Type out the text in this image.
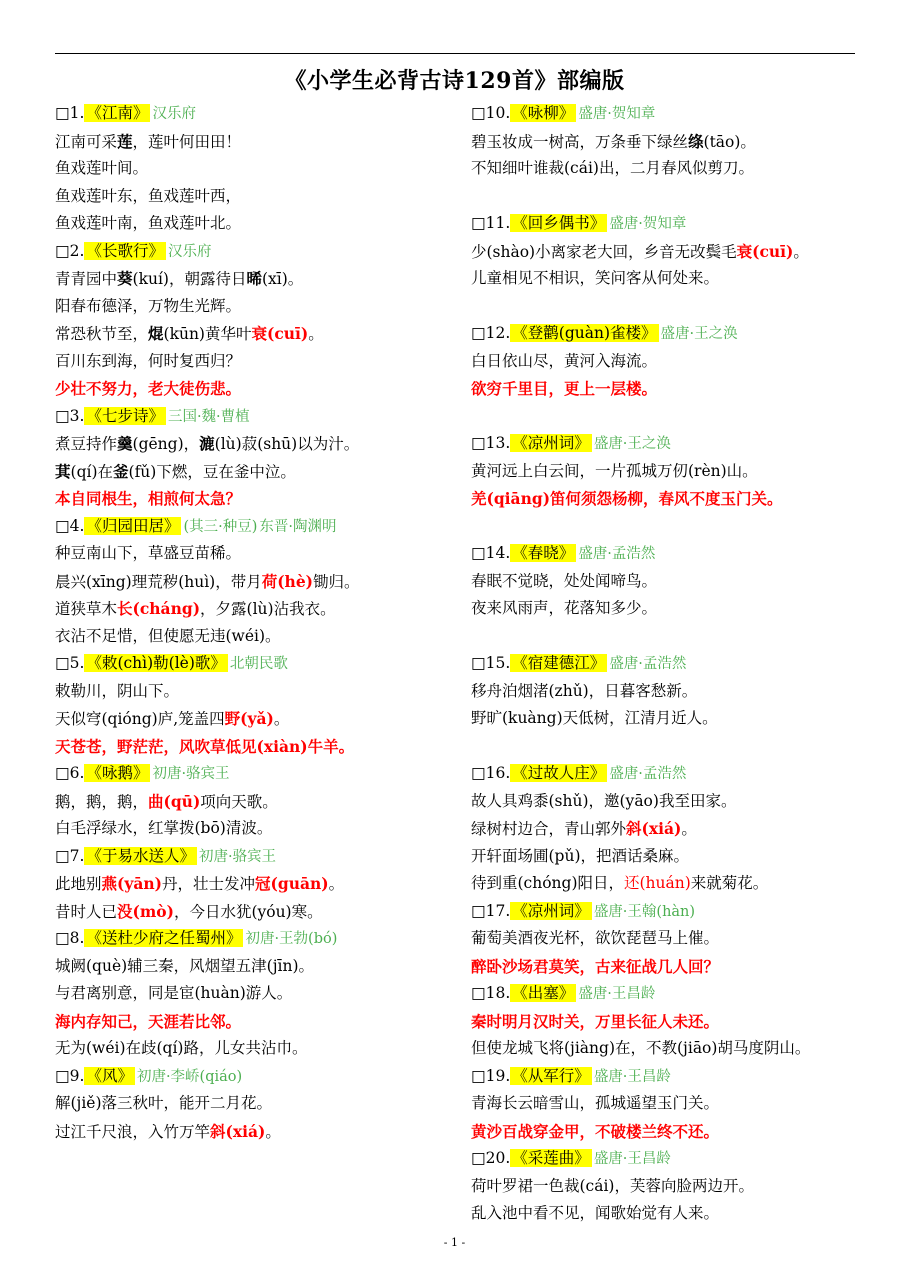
《小学生必背古诗129首》部编版
□1. 《江南》 汉乐府
江南可采莲，莲叶何田田！
鱼戏莲叶间。
鱼戏莲叶东，鱼戏莲叶西，
鱼戏莲叶南，鱼戏莲叶北。
□2. 《长歌行》 汉乐府
青青园中葵(kuí)，朝露待日晞(xī)。
阳春布德泽，万物生光辉。
常恐秋节至，焜(kūn)黄华叶衰(cuī)。
百川东到海，何时复西归？
少壮不努力，老大徒伤悲。
□3. 《七步诗》 三国·魏·曹植
煮豆持作羹(gēng)，漉(lù)菽(shū)以为汁。
萁(qí)在釜(fǔ)下燃，豆在釜中泣。
本自同根生，相煎何太急？
□4. 《归园田居》 (其三·种豆) 东晋·陶渊明
种豆南山下，草盛豆苗稀。
晨兴(xīng)理荒秽(huì)，带月荷(hè)锄归。
道狭草木长(cháng)，夕露(lù)沾我衣。
衣沾不足惜，但使愿无违(wéi)。
□5. 《敕(chì)勒(lè)歌》 北朝民歌
敕勒川，阴山下。
天似穹(qióng)庐,笼盖四野(yǎ)。
天苍苍，野茫茫，风吹草低见(xiàn)牛羊。
□6. 《咏鹅》 初唐·骆宾王
鹅，鹅，鹅，曲(qū)项向天歌。
白毛浮绿水，红掌拨(bō)清波。
□7. 《于易水送人》 初唐·骆宾王
此地别燕(yān)丹，壮士发冲冠(guān)。
昔时人已没(mò)，今日水犹(yóu)寒。
□8. 《送杜少府之任蜀州》 初唐·王勃(bó)
城阙(què)辅三秦，风烟望五津(jīn)。
与君离别意，同是宦(huàn)游人。
海内存知己，天涯若比邻。
无为(wéi)在歧(qí)路，儿女共沾巾。
□9. 《风》 初唐·李峤(qiáo)
解(jiě)落三秋叶，能开二月花。
过江千尺浪，入竹万竿斜(xiá)。
□10. 《咏柳》 盛唐·贺知章
碧玉妆成一树高，万条垂下绿丝绦(tāo)。
不知细叶谁裁(cái)出，二月春风似剪刀。
□11. 《回乡偶书》 盛唐·贺知章
少(shào)小离家老大回，乡音无改鬓毛衰(cuī)。
儿童相见不相识，笑问客从何处来。
□12. 《登鹳(guàn)雀楼》 盛唐·王之涣
白日依山尽，黄河入海流。
欲穷千里目，更上一层楼。
□13. 《凉州词》 盛唐·王之涣
黄河远上白云间，一片孤城万仞(rèn)山。
羌(qiāng)笛何须怨杨柳，春风不度玉门关。
□14. 《春晓》 盛唐·孟浩然
春眠不觉晓，处处闻啼鸟。
夜来风雨声，花落知多少。
□15. 《宿建德江》 盛唐·孟浩然
移舟泊烟渚(zhǔ)，日暮客愁新。
野旷(kuàng)天低树，江清月近人。
□16. 《过故人庄》 盛唐·孟浩然
故人具鸡黍(shǔ)，邀(yāo)我至田家。
绿树村边合，青山郭外斜(xiá)。
开轩面场圃(pǔ)，把酒话桑麻。
待到重(chóng)阳日，还(huán)来就菊花。
□17. 《凉州词》 盛唐·王翰(hàn)
葡萄美酒夜光杯，欲饮琵琶马上催。
醉卧沙场君莫笑，古来征战几人回？
□18. 《出塞》 盛唐·王昌龄
秦时明月汉时关，万里长征人未还。
但使龙城飞将(jiàng)在，不教(jiāo)胡马度阴山。
□19. 《从军行》 盛唐·王昌龄
青海长云暗雪山，孤城遥望玉门关。
黄沙百战穿金甲，不破楼兰终不还。
□20. 《采莲曲》 盛唐·王昌龄
荷叶罗裙一色裁(cái)，芙蓉向脸两边开。
乱入池中看不见，闻歌始觉有人来。
- 1 -
